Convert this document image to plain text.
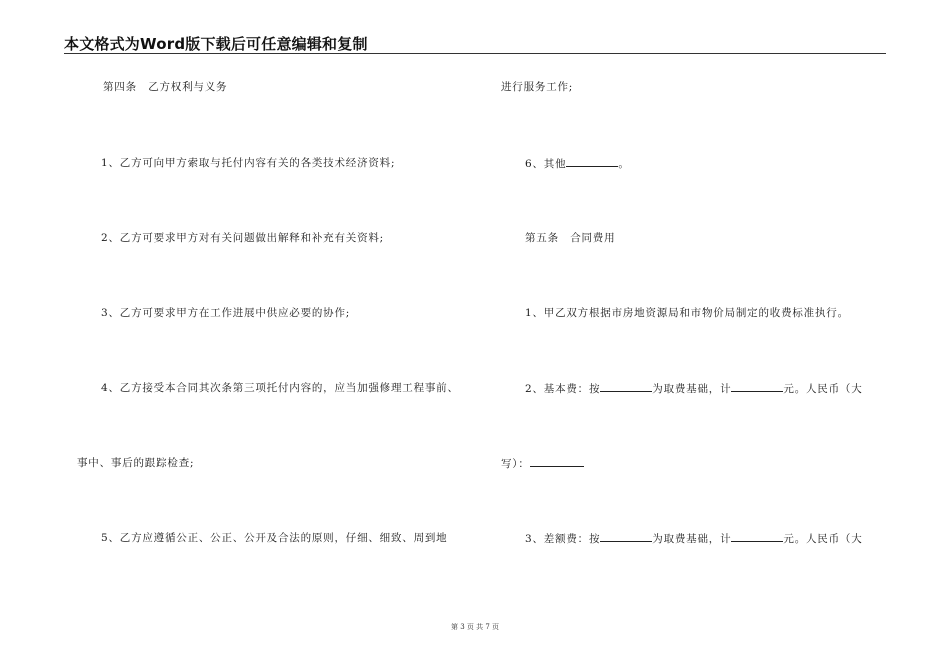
本文格式为Word版下载后可任意编辑和复制
第四条　乙方权利与义务
1、乙方可向甲方索取与托付内容有关的各类技术经济资料;
2、乙方可要求甲方对有关问题做出解释和补充有关资料;
3、乙方可要求甲方在工作进展中供应必要的协作;
4、乙方接受本合同其次条第三项托付内容的，应当加强修理工程事前、
事中、事后的跟踪检查;
5、乙方应遵循公正、公正、公开及合法的原则，仔细、细致、周到地
进行服务工作;
6、其他	。
第五条　合同费用
1、甲乙双方根据市房地资源局和市物价局制定的收费标准执行。
2、基本费：按	为取费基础，计	元。人民币（大
写）：
3、差额费：按	为取费基础，计	元。人民币（大
第 3 页 共 7 页
